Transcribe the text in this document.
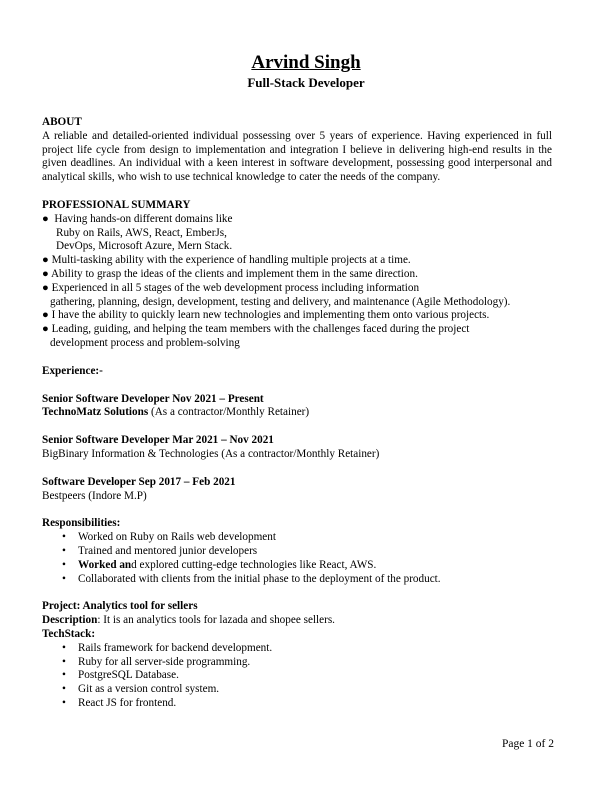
Arvind Singh
Full-Stack Developer
ABOUT

A reliable and detailed-oriented individual possessing over 5 years of experience. Having experienced in full project life cycle from design to implementation and integration I believe in delivering high-end results in the given deadlines. An individual with a keen interest in software development, possessing good interpersonal and analytical skills, who wish to use technical knowledge to cater the needs of the company.

PROFESSIONAL SUMMARY
● Having hands-on different domains like
Ruby on Rails, AWS, React, EmberJs,
DevOps, Microsoft Azure, Mern Stack.
● Multi-tasking ability with the experience of handling multiple projects at a time.
● Ability to grasp the ideas of the clients and implement them in the same direction.
● Experienced in all 5 stages of the web development process including information
gathering, planning, design, development, testing and delivery, and maintenance (Agile Methodology).
● I have the ability to quickly learn new technologies and implementing them onto various projects.
● Leading, guiding, and helping the team members with the challenges faced during the project
development process and problem-solving
Experience:-
Senior Software Developer Nov 2021 – Present
TechnoMatz Solutions (As a contractor/Monthly Retainer)
Senior Software Developer Mar 2021 – Nov 2021
BigBinary Information & Technologies (As a contractor/Monthly Retainer)
Software Developer Sep 2017 – Feb 2021
Bestpeers (Indore M.P)
Responsibilities:
• Worked on Ruby on Rails web development
• Trained and mentored junior developers
• Worked and explored cutting-edge technologies like React, AWS.
• Collaborated with clients from the initial phase to the deployment of the product.
Project: Analytics tool for sellers
Description: It is an analytics tools for lazada and shopee sellers.
TechStack:
• Rails framework for backend development.
• Ruby for all server-side programming.
• PostgreSQL Database.
• Git as a version control system.
• React JS for frontend.
Page 1 of 2
